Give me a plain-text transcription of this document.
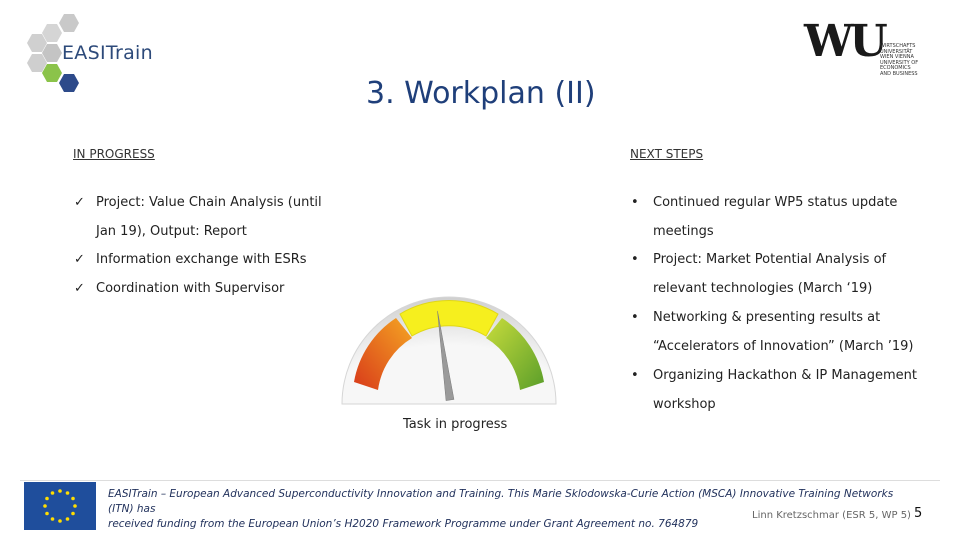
EASITrain	WU
WIRTSCHAFTS
UNIVERSITÄT
WIEN VIENNA
UNIVERSITY OF
ECONOMICS
AND BUSINESS
3. Workplan (II)
IN PROGRESS	NEXT STEPS
✓ Project: Value Chain Analysis (until
Jan 19), Output: Report
✓ Information exchange with ESRs
✓ Coordination with Supervisor
• Continued regular WP5 status update
meetings
• Project: Market Potential Analysis of
relevant technologies (March ‘19)
• Networking & presenting results at
“Accelerators of Innovation” (March ’19)
• Organizing Hackathon & IP Management
workshop
Task in progress
EASITrain – European Advanced Superconductivity Innovation and Training. This Marie Sklodowska-Curie Action (MSCA) Innovative Training Networks (ITN) has
received funding from the European Union’s H2020 Framework Programme under Grant Agreement no. 764879
Linn Kretzschmar (ESR 5, WP 5) 5
